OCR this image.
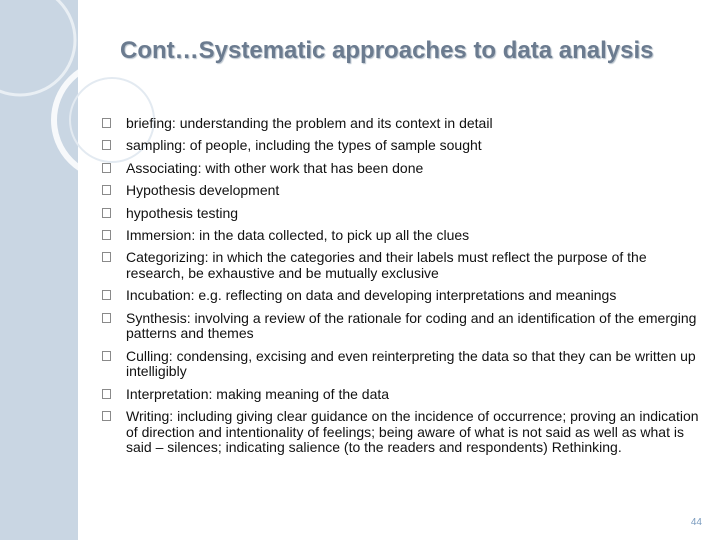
Cont…Systematic approaches to data analysis
briefing: understanding the problem and its context in detail
sampling: of people, including the types of sample sought
Associating: with other work that has been done
Hypothesis development
hypothesis testing
Immersion: in the data collected, to pick up all the clues
Categorizing: in which the categories and their labels must reflect the purpose of the research, be exhaustive and be mutually exclusive
Incubation: e.g. reflecting on data and developing interpretations and meanings
Synthesis: involving a review of the rationale for coding and an identification of the emerging patterns and themes
Culling: condensing, excising and even reinterpreting the data so that they can be written up intelligibly
Interpretation: making meaning of the data
Writing: including giving clear guidance on the incidence of occurrence; proving an indication of direction and intentionality of feelings; being aware of what is not said as well as what is said – silences; indicating salience (to the readers and respondents) Rethinking.
44
